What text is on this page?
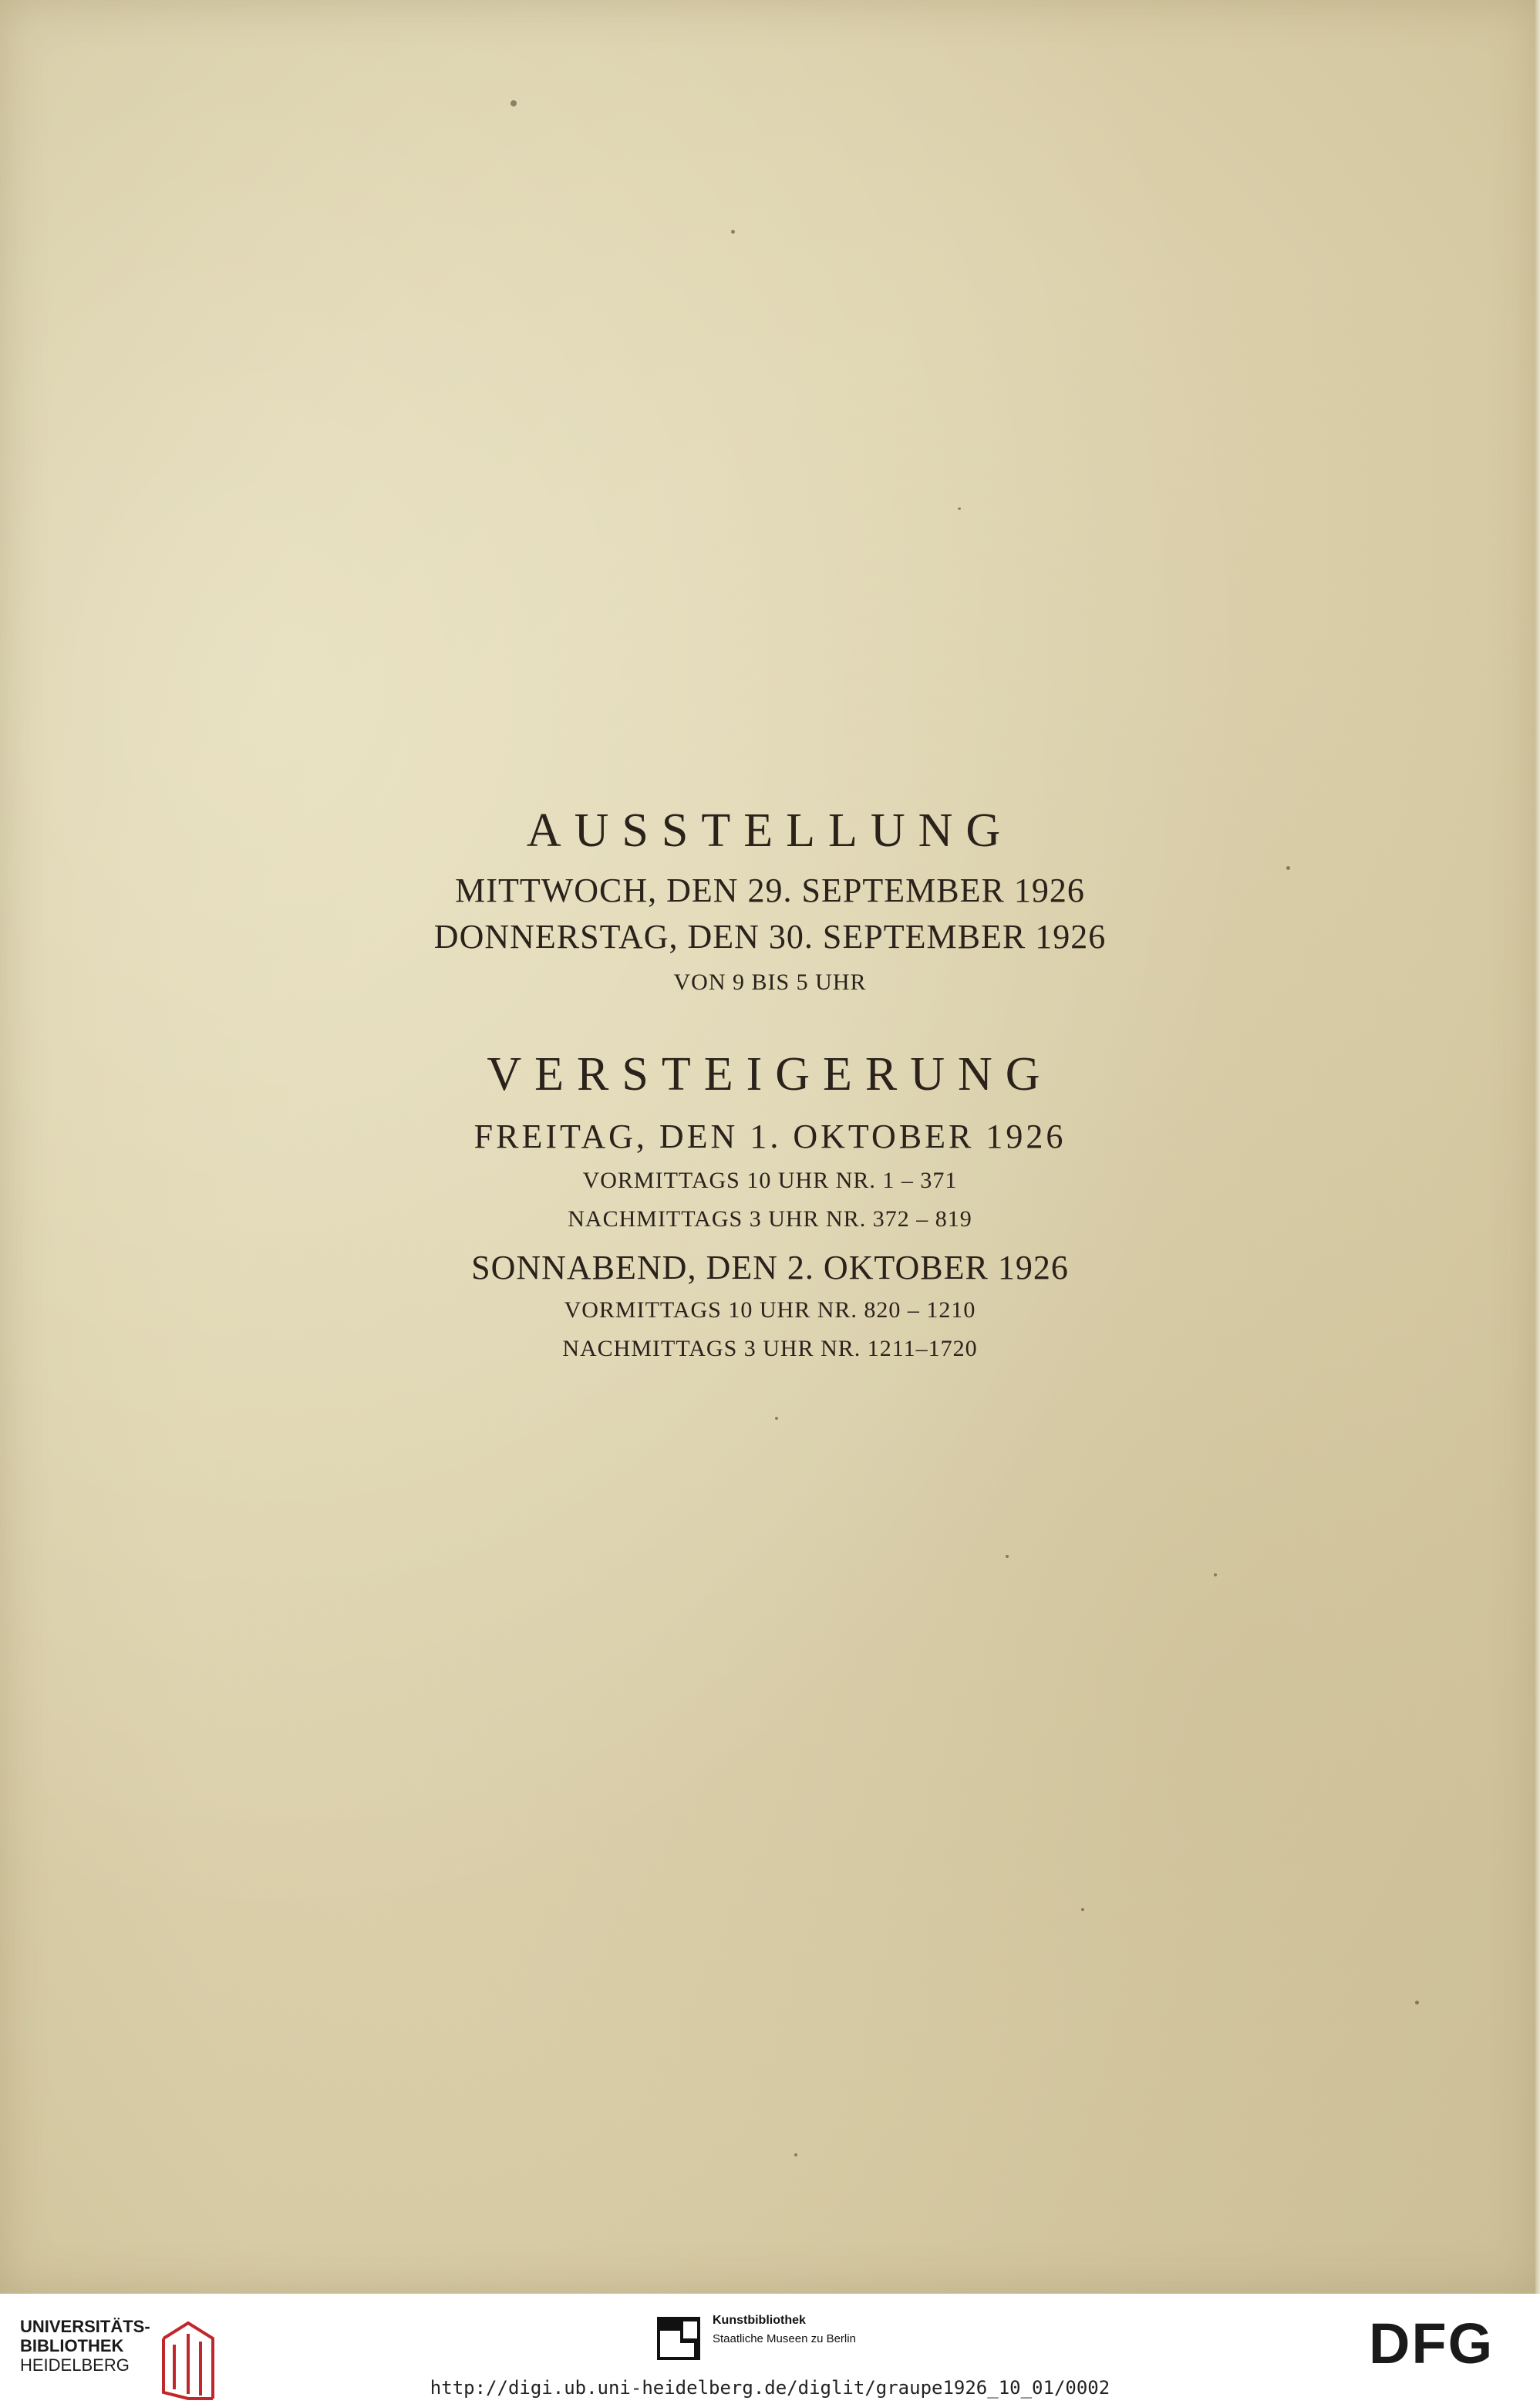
AUSSTELLUNG

MITTWOCH, DEN 29. SEPTEMBER 1926

DONNERSTAG, DEN 30. SEPTEMBER 1926

VON 9 BIS 5 UHR

VERSTEIGERUNG

FREITAG, DEN 1. OKTOBER 1926

VORMITTAGS 10 UHR NR. 1 – 371

NACHMITTAGS 3 UHR NR. 372 – 819

SONNABEND, DEN 2. OKTOBER 1926

VORMITTAGS 10 UHR NR. 820 – 1210

NACHMITTAGS 3 UHR NR. 1211–1720

UNIVERSITÄTS-
BIBLIOTHEK
HEIDELBERG
Kunstbibliothek
Staatliche Museen zu Berlin	DFG
http://digi.ub.uni-heidelberg.de/diglit/graupe1926_10_01/0002
